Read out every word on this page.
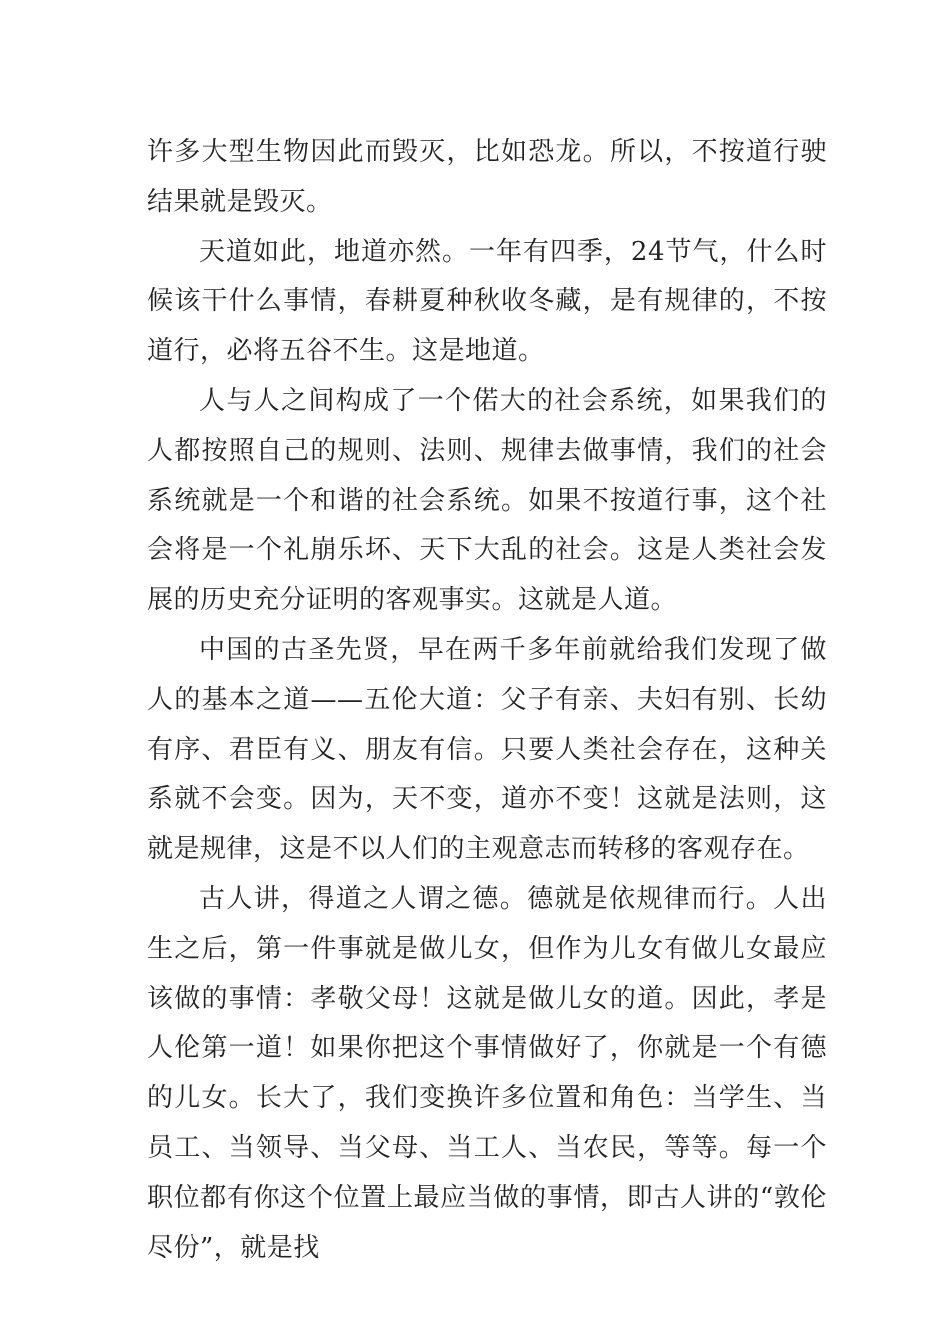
许多大型生物因此而毁灭，比如恐龙。所以，不按道行驶结果就是毁灭。

天道如此，地道亦然。一年有四季，24节气，什么时候该干什么事情，春耕夏种秋收冬藏，是有规律的，不按道行，必将五谷不生。这是地道。

人与人之间构成了一个偌大的社会系统，如果我们的人都按照自己的规则、法则、规律去做事情，我们的社会系统就是一个和谐的社会系统。如果不按道行事，这个社会将是一个礼崩乐坏、天下大乱的社会。这是人类社会发展的历史充分证明的客观事实。这就是人道。

中国的古圣先贤，早在两千多年前就给我们发现了做人的基本之道——五伦大道：父子有亲、夫妇有别、长幼有序、君臣有义、朋友有信。只要人类社会存在，这种关系就不会变。因为，天不变，道亦不变！这就是法则，这就是规律，这是不以人们的主观意志而转移的客观存在。

古人讲，得道之人谓之德。德就是依规律而行。人出生之后，第一件事就是做儿女，但作为儿女有做儿女最应该做的事情：孝敬父母！这就是做儿女的道。因此，孝是人伦第一道！如果你把这个事情做好了，你就是一个有德的儿女。长大了，我们变换许多位置和角色：当学生、当员工、当领导、当父母、当工人、当农民，等等。每一个职位都有你这个位置上最应当做的事情，即古人讲的“敦伦尽份”，就是找
